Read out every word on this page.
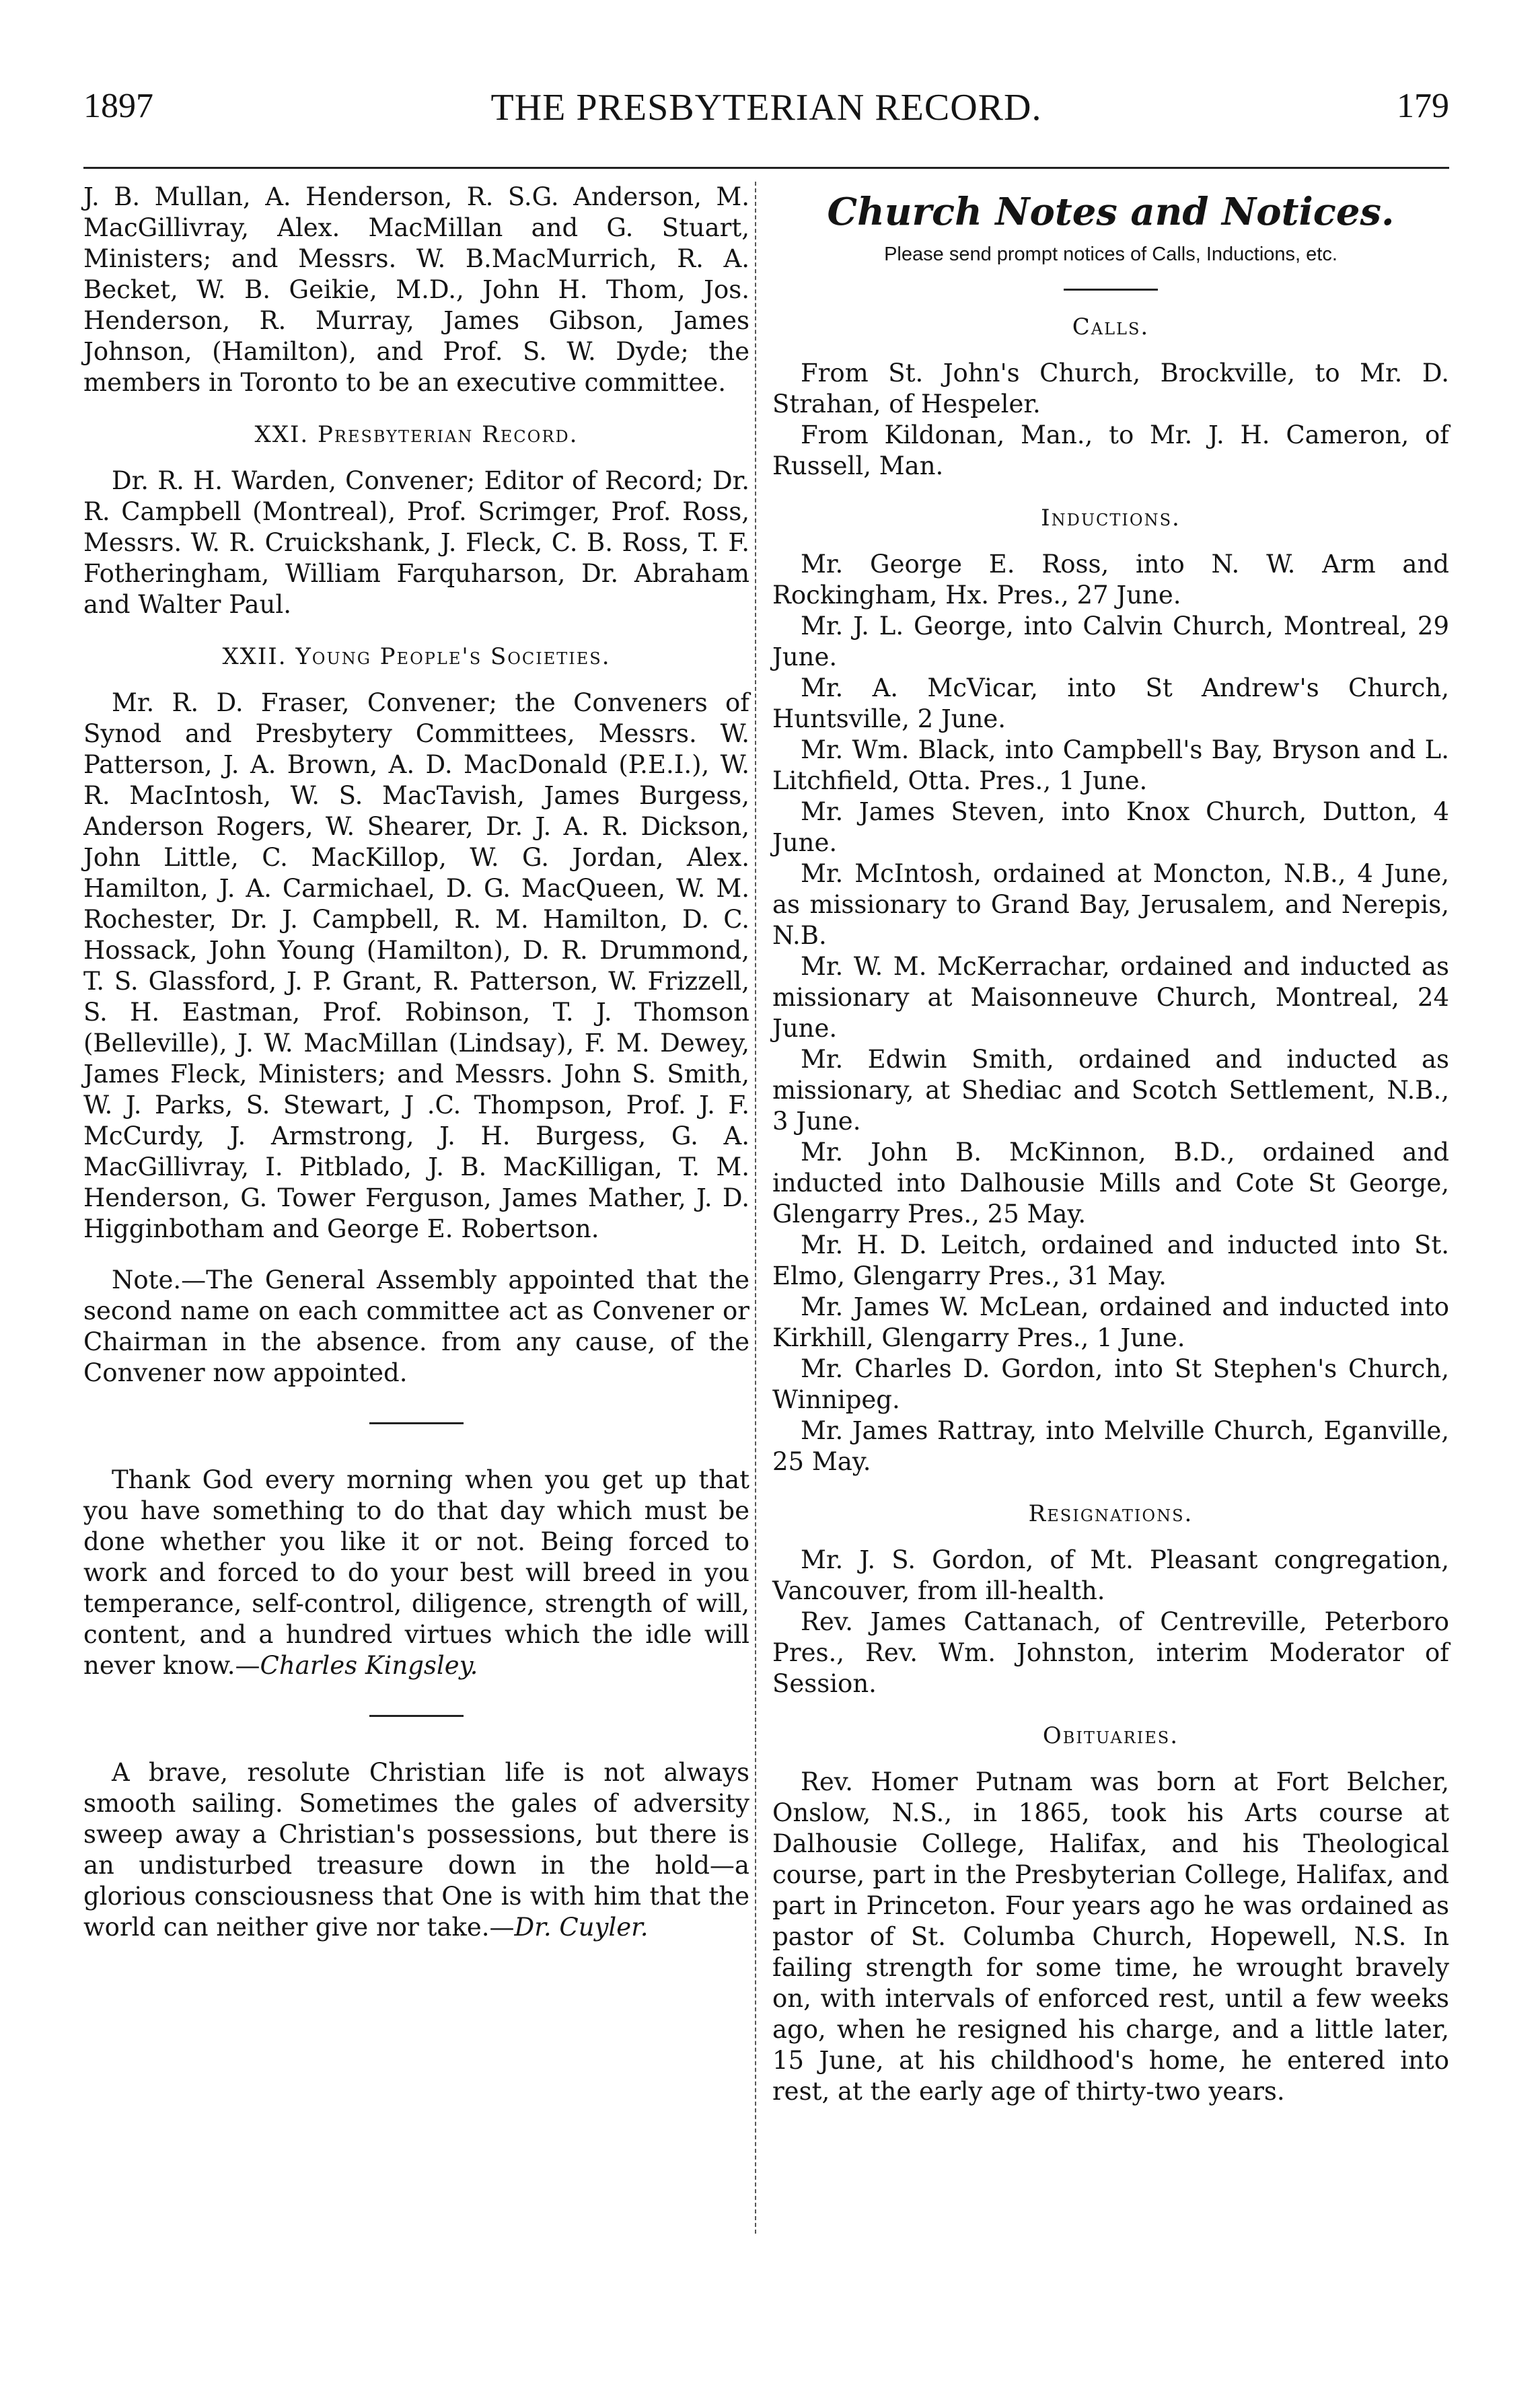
1897	THE PRESBYTERIAN RECORD.	179

J. B. Mullan, A. Henderson, R. S.G. Anderson, M. MacGillivray, Alex. MacMillan and G. Stuart, Ministers; and Messrs. W. B.MacMurrich, R. A. Becket, W. B. Geikie, M.D., John H. Thom, Jos. Henderson, R. Murray, James Gibson, James Johnson, (Hamilton), and Prof. S. W. Dyde; the members in Toronto to be an executive committee.

XXI. Presbyterian Record.

Dr. R. H. Warden, Convener; Editor of Record; Dr. R. Campbell (Montreal), Prof. Scrimger, Prof. Ross, Messrs. W. R. Cruickshank, J. Fleck, C. B. Ross, T. F. Fotheringham, William Farquharson, Dr. Abraham and Walter Paul.

XXII. Young People's Societies.

Mr. R. D. Fraser, Convener; the Conveners of Synod and Presbytery Committees, Messrs. W. Patterson, J. A. Brown, A. D. MacDonald (P.E.I.), W. R. MacIntosh, W. S. MacTavish, James Burgess, Anderson Rogers, W. Shearer, Dr. J. A. R. Dickson, John Little, C. MacKillop, W. G. Jordan, Alex. Hamilton, J. A. Carmichael, D. G. MacQueen, W. M. Rochester, Dr. J. Campbell, R. M. Hamilton, D. C. Hossack, John Young (Hamilton), D. R. Drummond, T. S. Glassford, J. P. Grant, R. Patterson, W. Frizzell, S. H. Eastman, Prof. Robinson, T. J. Thomson (Belleville), J. W. MacMillan (Lindsay), F. M. Dewey, James Fleck, Ministers; and Messrs. John S. Smith, W. J. Parks, S. Stewart, J .C. Thompson, Prof. J. F. McCurdy, J. Armstrong, J. H. Burgess, G. A. MacGillivray, I. Pitblado, J. B. MacKilligan, T. M. Henderson, G. Tower Ferguson, James Mather, J. D. Higginbotham and George E. Robertson.

Note.—The General Assembly appointed that the second name on each committee act as Convener or Chairman in the absence. from any cause, of the Convener now appointed.

Thank God every morning when you get up that you have something to do that day which must be done whether you like it or not. Being forced to work and forced to do your best will breed in you temperance, self-control, diligence, strength of will, content, and a hundred virtues which the idle will never know.—Charles Kingsley.

A brave, resolute Christian life is not always smooth sailing. Sometimes the gales of adversity sweep away a Christian's possessions, but there is an undisturbed treasure down in the hold—a glorious consciousness that One is with him that the world can neither give nor take.—Dr. Cuyler.

Church Notes and Notices.
Please send prompt notices of Calls, Inductions, etc.
Calls.

From St. John's Church, Brockville, to Mr. D. Strahan, of Hespeler.

From Kildonan, Man., to Mr. J. H. Cameron, of Russell, Man.

Inductions.

Mr. George E. Ross, into N. W. Arm and Rockingham, Hx. Pres., 27 June.

Mr. J. L. George, into Calvin Church, Montreal, 29 June.

Mr. A. McVicar, into St Andrew's Church, Huntsville, 2 June.

Mr. Wm. Black, into Campbell's Bay, Bryson and L. Litchfield, Otta. Pres., 1 June.

Mr. James Steven, into Knox Church, Dutton, 4 June.

Mr. McIntosh, ordained at Moncton, N.B., 4 June, as missionary to Grand Bay, Jerusalem, and Nerepis, N.B.

Mr. W. M. McKerrachar, ordained and inducted as missionary at Maisonneuve Church, Montreal, 24 June.

Mr. Edwin Smith, ordained and inducted as missionary, at Shediac and Scotch Settlement, N.B., 3 June.

Mr. John B. McKinnon, B.D., ordained and inducted into Dalhousie Mills and Cote St George, Glengarry Pres., 25 May.

Mr. H. D. Leitch, ordained and inducted into St. Elmo, Glengarry Pres., 31 May.

Mr. James W. McLean, ordained and inducted into Kirkhill, Glengarry Pres., 1 June.

Mr. Charles D. Gordon, into St Stephen's Church, Winnipeg.

Mr. James Rattray, into Melville Church, Eganville, 25 May.

Resignations.

Mr. J. S. Gordon, of Mt. Pleasant congregation, Vancouver, from ill-health.

Rev. James Cattanach, of Centreville, Peterboro Pres., Rev. Wm. Johnston, interim Moderator of Session.

Obituaries.

Rev. Homer Putnam was born at Fort Belcher, Onslow, N.S., in 1865, took his Arts course at Dalhousie College, Halifax, and his Theological course, part in the Presbyterian College, Halifax, and part in Princeton. Four years ago he was ordained as pastor of St. Columba Church, Hopewell, N.S. In failing strength for some time, he wrought bravely on, with intervals of enforced rest, until a few weeks ago, when he resigned his charge, and a little later, 15 June, at his childhood's home, he entered into rest, at the early age of thirty-two years.
